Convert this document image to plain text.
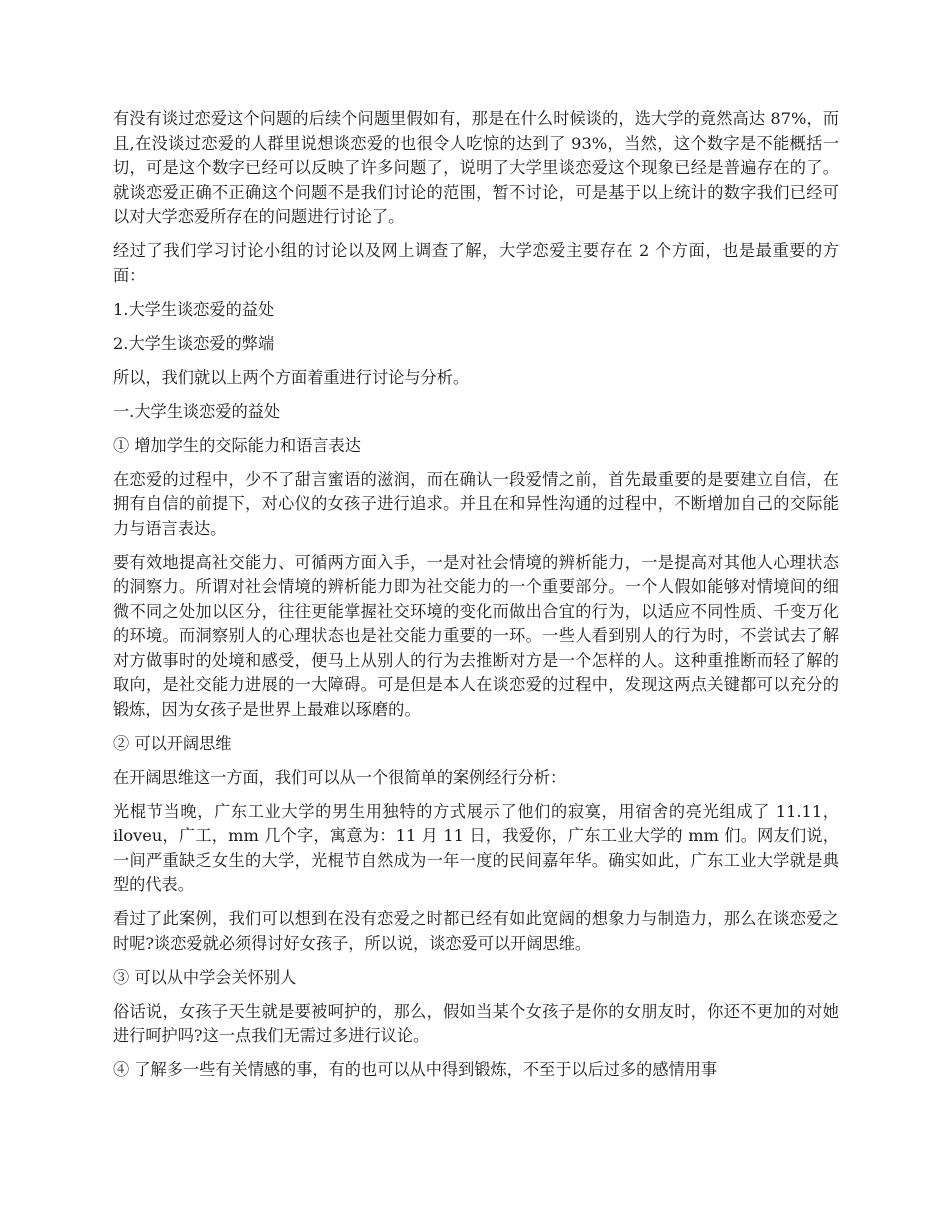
有没有谈过恋爱这个问题的后续个问题里假如有，那是在什么时候谈的，选大学的竟然高达 87%，而且,在没谈过恋爱的人群里说想谈恋爱的也很令人吃惊的达到了 93%，当然，这个数字是不能概括一切，可是这个数字已经可以反映了许多问题了，说明了大学里谈恋爱这个现象已经是普遍存在的了。就谈恋爱正确不正确这个问题不是我们讨论的范围，暂不讨论，可是基于以上统计的数字我们已经可以对大学恋爱所存在的问题进行讨论了。

经过了我们学习讨论小组的讨论以及网上调查了解，大学恋爱主要存在 2 个方面，也是最重要的方面：

1.大学生谈恋爱的益处

2.大学生谈恋爱的弊端

所以，我们就以上两个方面着重进行讨论与分析。

一.大学生谈恋爱的益处

① 增加学生的交际能力和语言表达

在恋爱的过程中，少不了甜言蜜语的滋润，而在确认一段爱情之前，首先最重要的是要建立自信，在拥有自信的前提下，对心仪的女孩子进行追求。并且在和异性沟通的过程中，不断增加自己的交际能力与语言表达。

要有效地提高社交能力、可循两方面入手，一是对社会情境的辨析能力，一是提高对其他人心理状态的洞察力。所谓对社会情境的辨析能力即为社交能力的一个重要部分。一个人假如能够对情境间的细微不同之处加以区分，往往更能掌握社交环境的变化而做出合宜的行为，以适应不同性质、千变万化的环境。而洞察别人的心理状态也是社交能力重要的一环。一些人看到别人的行为时，不尝试去了解对方做事时的处境和感受，便马上从别人的行为去推断对方是一个怎样的人。这种重推断而轻了解的取向，是社交能力进展的一大障碍。可是但是本人在谈恋爱的过程中，发现这两点关键都可以充分的锻炼，因为女孩子是世界上最难以琢磨的。

② 可以开阔思维

在开阔思维这一方面，我们可以从一个很简单的案例经行分析：

光棍节当晚，广东工业大学的男生用独特的方式展示了他们的寂寞，用宿舍的亮光组成了 11.11，iloveu，广工，mm 几个字，寓意为：11 月 11 日，我爱你，广东工业大学的 mm 们。网友们说，一间严重缺乏女生的大学，光棍节自然成为一年一度的民间嘉年华。确实如此，广东工业大学就是典型的代表。

看过了此案例，我们可以想到在没有恋爱之时都已经有如此宽阔的想象力与制造力，那么在谈恋爱之时呢?谈恋爱就必须得讨好女孩子，所以说，谈恋爱可以开阔思维。

③ 可以从中学会关怀别人

俗话说，女孩子天生就是要被呵护的，那么，假如当某个女孩子是你的女朋友时，你还不更加的对她进行呵护吗?这一点我们无需过多进行议论。

④ 了解多一些有关情感的事，有的也可以从中得到锻炼，不至于以后过多的感情用事
